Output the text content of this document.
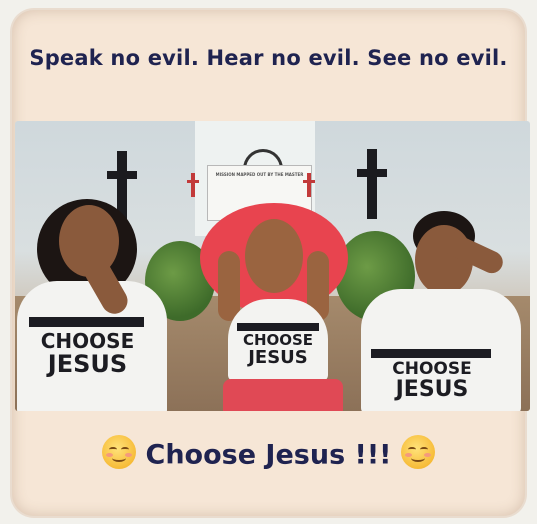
Speak no evil. Hear no evil. See no evil.
MISSION MAPPED OUT BY THE MASTER
CHOOSE
JESUS
CHOOSE
JESUS
CHOOSE
JESUS
Choose Jesus !!!
